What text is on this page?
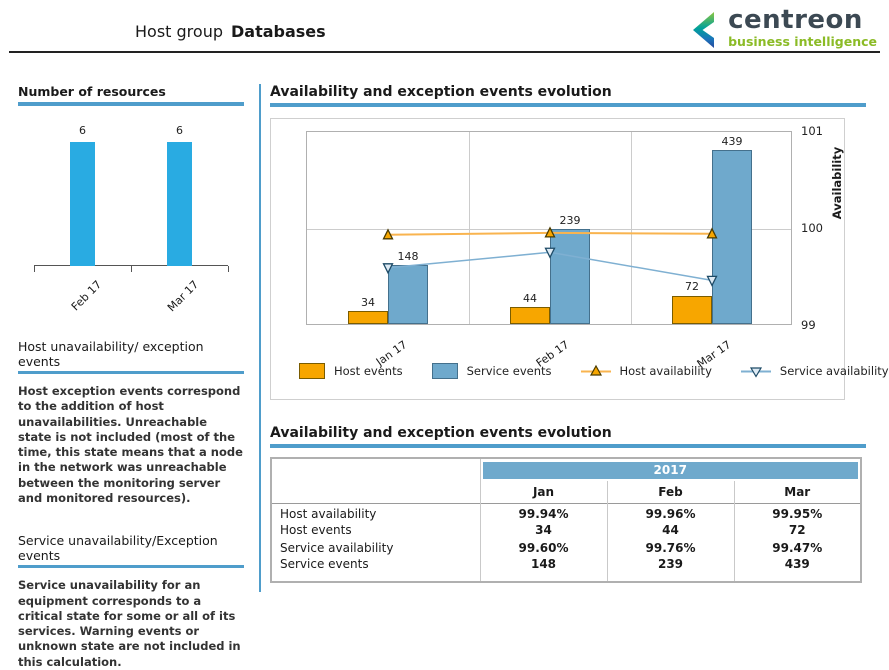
Host group Databases	centreon
business intelligence
Number of resources
6	6
Feb 17	Mar 17
Host unavailability/ exception events
Host exception events correspond to the addition of host unavailabilities. Unreachable state is not included (most of the time, this state means that a node in the network was unreachable between the monitoring server and monitored resources).
Service unavailability/Exception events
Service unavailability for an equipment corresponds to a critical state for some or all of its services. Warning events or unknown state are not included in this calculation.
Availability and exception events evolution
34
148
44
239
72
439
Jan 17	Feb 17	Mar 17
99
100
101
Availability
Host events	Service events	Host availability	Service availability
Availability and exception events evolution

	2017		

	Jan	Feb	Mar
Host availability	99.94%	99.96%	99.95%
Host events	34	44	72
Service availability	99.60%	99.76%	99.47%
Service events	148	239	439
